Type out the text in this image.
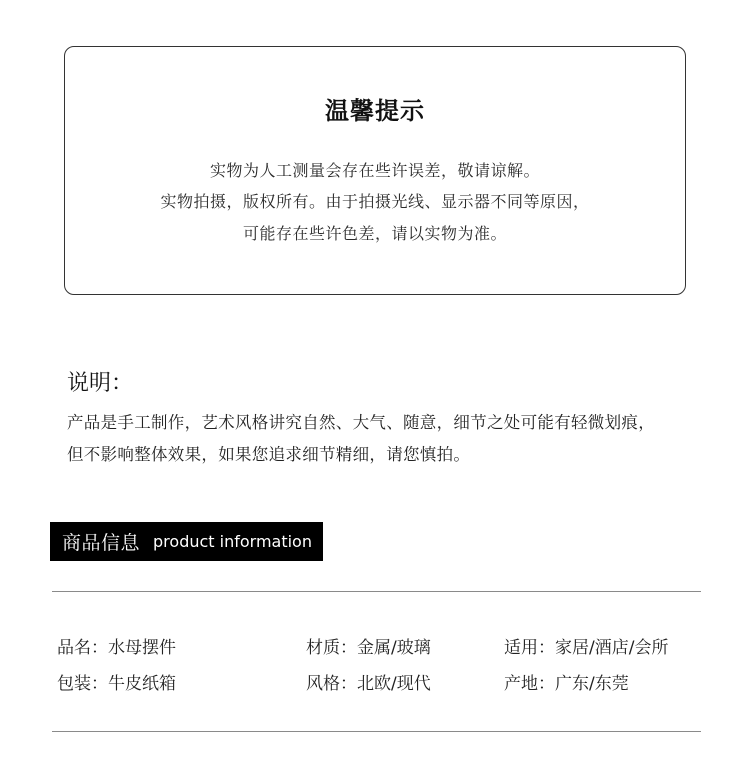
温馨提示
实物为人工测量会存在些许误差，敬请谅解。
实物拍摄，版权所有。由于拍摄光线、显示器不同等原因，
可能存在些许色差，请以实物为准。
说明：
产品是手工制作，艺术风格讲究自然、大气、随意，细节之处可能有轻微划痕，
但不影响整体效果，如果您追求细节精细，请您慎拍。
商品信息 product information
品名：水母摆件	材质：金属/玻璃	适用：家居/酒店/会所
包装：牛皮纸箱	风格：北欧/现代	产地：广东/东莞
